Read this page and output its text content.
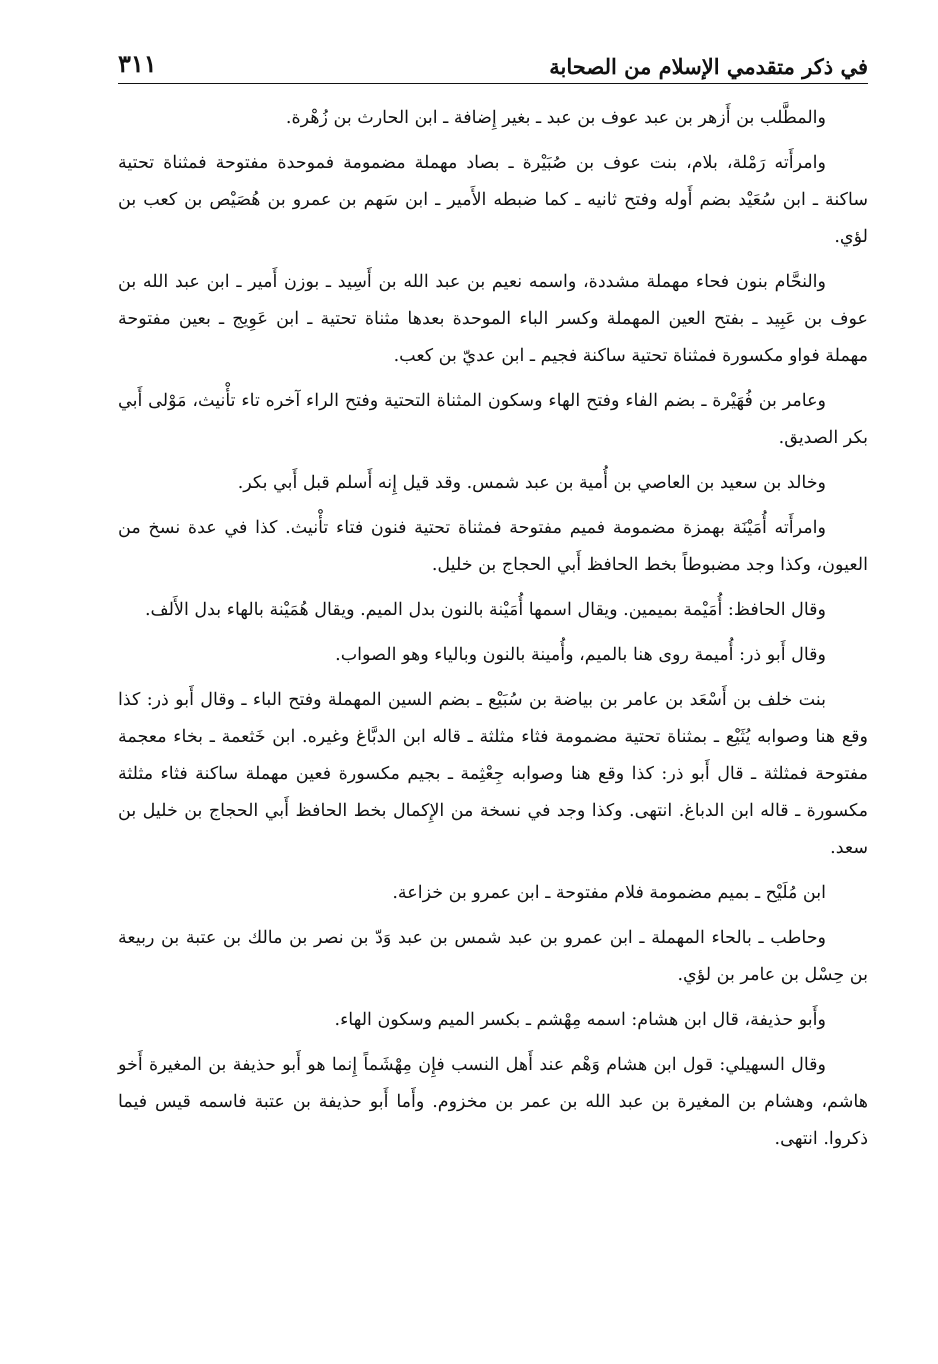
في ذكر متقدمي الإسلام من الصحابة
٣١١

والمطَّلب بن أَزهر بن عبد عوف بن عبد ـ بغير إِضافة ـ ابن الحارث بن زُهْرة.

وامرأَته رَمْلة، بلام، بنت عوف بن صُبَيْرة ـ بصاد مهملة مضمومة فموحدة مفتوحة فمثناة تحتية ساكنة ـ ابن سُعَيْد بضم أَوله وفتح ثانيه ـ كما ضبطه الأَمير ـ ابن سَهم بن عمرو بن هُصَيْص بن كعب بن لؤي.

والنحَّام بنون فحاء مهملة مشددة، واسمه نعيم بن عبد الله بن أَسِيد ـ بوزن أَمير ـ ابن عبد الله بن عوف بن عَبِيد ـ بفتح العين المهملة وكسر الباء الموحدة بعدها مثناة تحتية ـ ابن عَوِيج ـ بعين مفتوحة مهملة فواو مكسورة فمثناة تحتية ساكنة فجيم ـ ابن عديّ بن كعب.

وعامر بن فُهَيْرة ـ بضم الفاء وفتح الهاء وسكون المثناة التحتية وفتح الراء آخره تاء تأْنيث، مَوْلى أَبي بكر الصديق.

وخالد بن سعيد بن العاصي بن أُمية بن عبد شمس. وقد قيل إِنه أَسلم قبل أَبي بكر.

وامرأَته أُمَيْنَة بهمزة مضمومة فميم مفتوحة فمثناة تحتية فنون فتاء تأْنيث. كذا في عدة نسخ من العيون، وكذا وجد مضبوطاً بخط الحافظ أَبي الحجاج بن خليل.

وقال الحافظ: أُمَيْمة بميمين. ويقال اسمها أُمَيْنة بالنون بدل الميم. ويقال هُمَيْنة بالهاء بدل الأَلف.

وقال أَبو ذر: أُميمة روى هنا بالميم، وأُمينة بالنون وبالياء وهو الصواب.

بنت خلف بن أَسْعَد بن عامر بن بياضة بن سُبَيْع ـ بضم السين المهملة وفتح الباء ـ وقال أَبو ذر: كذا وقع هنا وصوابه يُثَيْع ـ بمثناة تحتية مضمومة فثاء مثلثة ـ قاله ابن الدبَّاغ وغيره. ابن خَثعمة ـ بخاء معجمة مفتوحة فمثلثة ـ قال أَبو ذر: كذا وقع هنا وصوابه جِعْثِمة ـ بجيم مكسورة فعين مهملة ساكنة فثاء مثلثة مكسورة ـ قاله ابن الدباغ. انتهى. وكذا وجد في نسخة من الإِكمال بخط الحافظ أَبي الحجاج بن خليل بن سعد.

ابن مُلَيْح ـ بميم مضمومة فلام مفتوحة ـ ابن عمرو بن خزاعة.

وحاطب ـ بالحاء المهملة ـ ابن عمرو بن عبد شمس بن عبد وَدّ بن نصر بن مالك بن عتبة بن ربيعة بن حِسْل بن عامر بن لؤي.

وأَبو حذيفة، قال ابن هشام: اسمه مِهْشم ـ بكسر الميم وسكون الهاء.

وقال السهيلي: قول ابن هشام وَهْم عند أَهل النسب فإِن مِهْشَماً إِنما هو أَبو حذيفة بن المغيرة أَخو هاشم، وهشام بن المغيرة بن عبد الله بن عمر بن مخزوم. وأَما أَبو حذيفة بن عتبة فاسمه قيس فيما ذكروا. انتهى.
